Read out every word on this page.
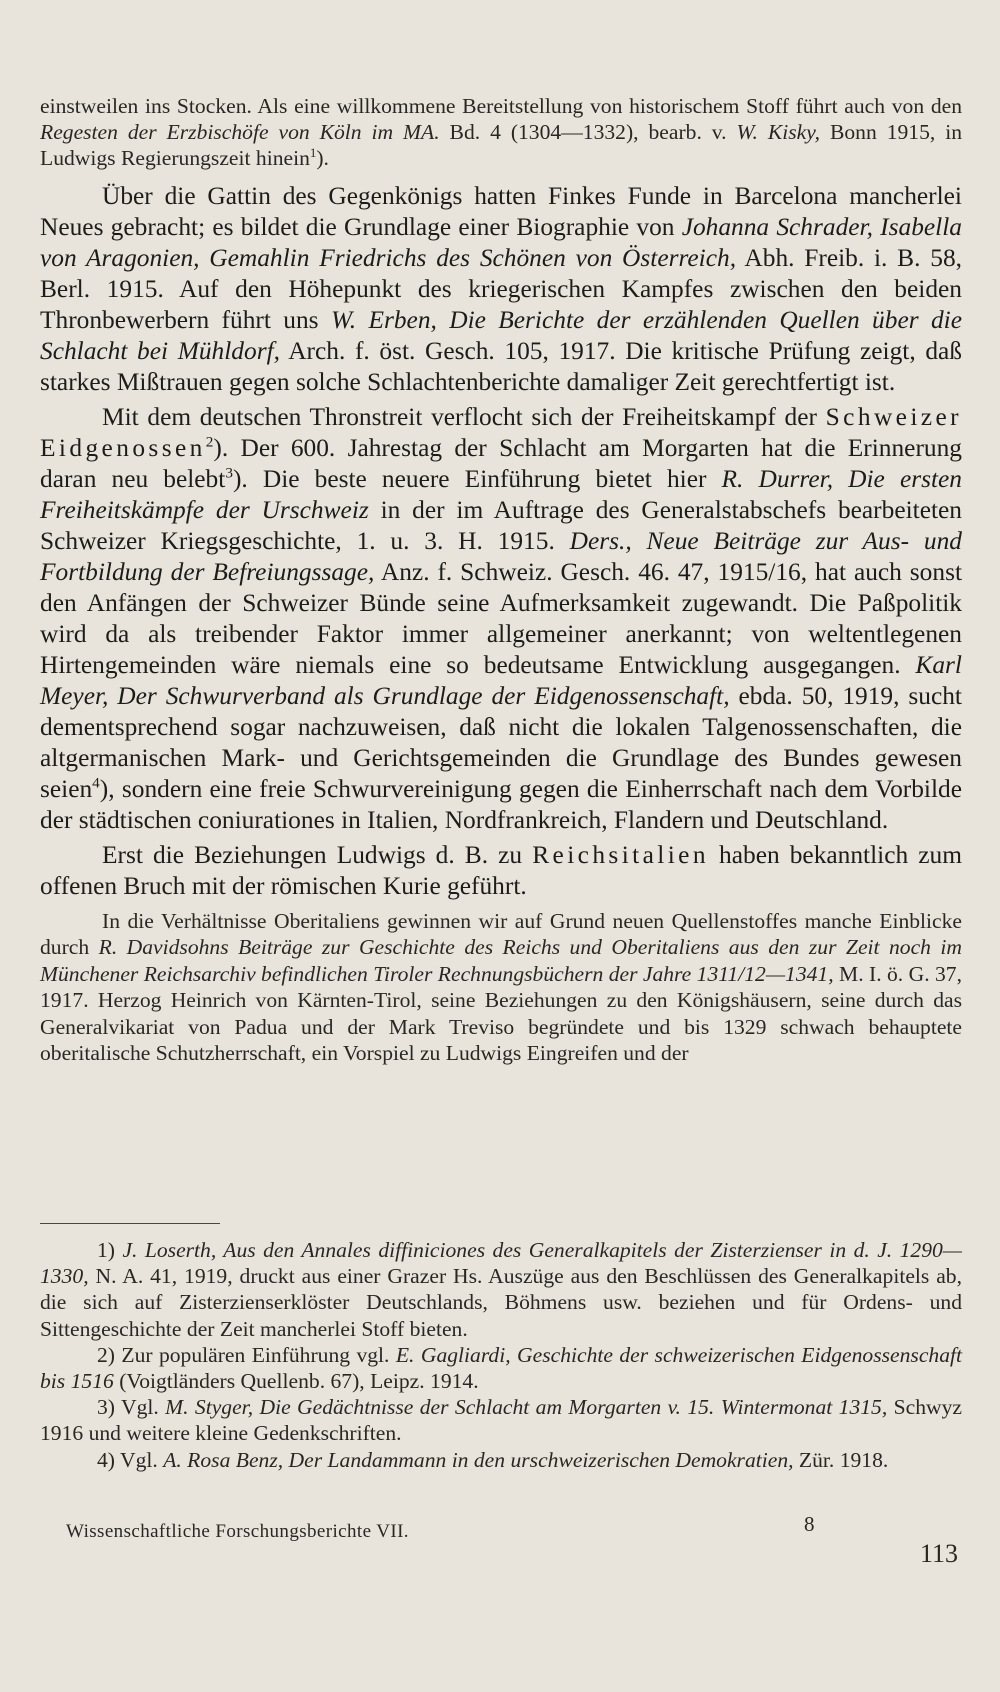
einstweilen ins Stocken. Als eine willkommene Bereitstellung von historischem Stoff führt auch von den Regesten der Erzbischöfe von Köln im MA. Bd. 4 (1304—1332), bearb. v. W. Kisky, Bonn 1915, in Ludwigs Regierungszeit hinein$^1$).

Über die Gattin des Gegenkönigs hatten Finkes Funde in Barcelona mancherlei Neues gebracht; es bildet die Grundlage einer Biographie von Johanna Schrader, Isabella von Aragonien, Gemahlin Friedrichs des Schönen von Österreich, Abh. Freib. i. B. 58, Berl. 1915. Auf den Höhepunkt des kriegerischen Kampfes zwischen den beiden Thronbewerbern führt uns W. Erben, Die Berichte der erzählenden Quellen über die Schlacht bei Mühldorf, Arch. f. öst. Gesch. 105, 1917. Die kritische Prüfung zeigt, daß starkes Mißtrauen gegen solche Schlachtenberichte damaliger Zeit gerechtfertigt ist.

Mit dem deutschen Thronstreit verflocht sich der Freiheitskampf der Schweizer Eidgenossen$^2$). Der 600. Jahrestag der Schlacht am Morgarten hat die Erinnerung daran neu belebt$^3$). Die beste neuere Einführung bietet hier R. Durrer, Die ersten Freiheitskämpfe der Urschweiz in der im Auftrage des Generalstabschefs bearbeiteten Schweizer Kriegsgeschichte, 1. u. 3. H. 1915. Ders., Neue Beiträge zur Aus- und Fortbildung der Befreiungssage, Anz. f. Schweiz. Gesch. 46. 47, 1915/16, hat auch sonst den Anfängen der Schweizer Bünde seine Aufmerksamkeit zugewandt. Die Paßpolitik wird da als treibender Faktor immer allgemeiner anerkannt; von weltentlegenen Hirtengemeinden wäre niemals eine so bedeutsame Entwicklung ausgegangen. Karl Meyer, Der Schwurverband als Grundlage der Eidgenossenschaft, ebda. 50, 1919, sucht dementsprechend sogar nachzuweisen, daß nicht die lokalen Talgenossenschaften, die altgermanischen Mark- und Gerichtsgemeinden die Grundlage des Bundes gewesen seien$^4$), sondern eine freie Schwurvereinigung gegen die Einherrschaft nach dem Vorbilde der städtischen coniurationes in Italien, Nordfrankreich, Flandern und Deutschland.

Erst die Beziehungen Ludwigs d. B. zu Reichsitalien haben bekanntlich zum offenen Bruch mit der römischen Kurie geführt.

In die Verhältnisse Oberitaliens gewinnen wir auf Grund neuen Quellenstoffes manche Einblicke durch R. Davidsohns Beiträge zur Geschichte des Reichs und Oberitaliens aus den zur Zeit noch im Münchener Reichsarchiv befindlichen Tiroler Rechnungsbüchern der Jahre 1311/12—1341, M. I. ö. G. 37, 1917. Herzog Heinrich von Kärnten-Tirol, seine Beziehungen zu den Königshäusern, seine durch das Generalvikariat von Padua und der Mark Treviso begründete und bis 1329 schwach behauptete oberitalische Schutzherrschaft, ein Vorspiel zu Ludwigs Eingreifen und der

1) J. Loserth, Aus den Annales diffiniciones des Generalkapitels der Zisterzienser in d. J. 1290—1330, N. A. 41, 1919, druckt aus einer Grazer Hs. Auszüge aus den Beschlüssen des Generalkapitels ab, die sich auf Zisterzienserklöster Deutschlands, Böhmens usw. beziehen und für Ordens- und Sittengeschichte der Zeit mancherlei Stoff bieten.

2) Zur populären Einführung vgl. E. Gagliardi, Geschichte der schweizerischen Eidgenossenschaft bis 1516 (Voigtländers Quellenb. 67), Leipz. 1914.

3) Vgl. M. Styger, Die Gedächtnisse der Schlacht am Morgarten v. 15. Wintermonat 1315, Schwyz 1916 und weitere kleine Gedenkschriften.

4) Vgl. A. Rosa Benz, Der Landammann in den urschweizerischen Demokratien, Zür. 1918.

Wissenschaftliche Forschungsberichte VII.	8
113
